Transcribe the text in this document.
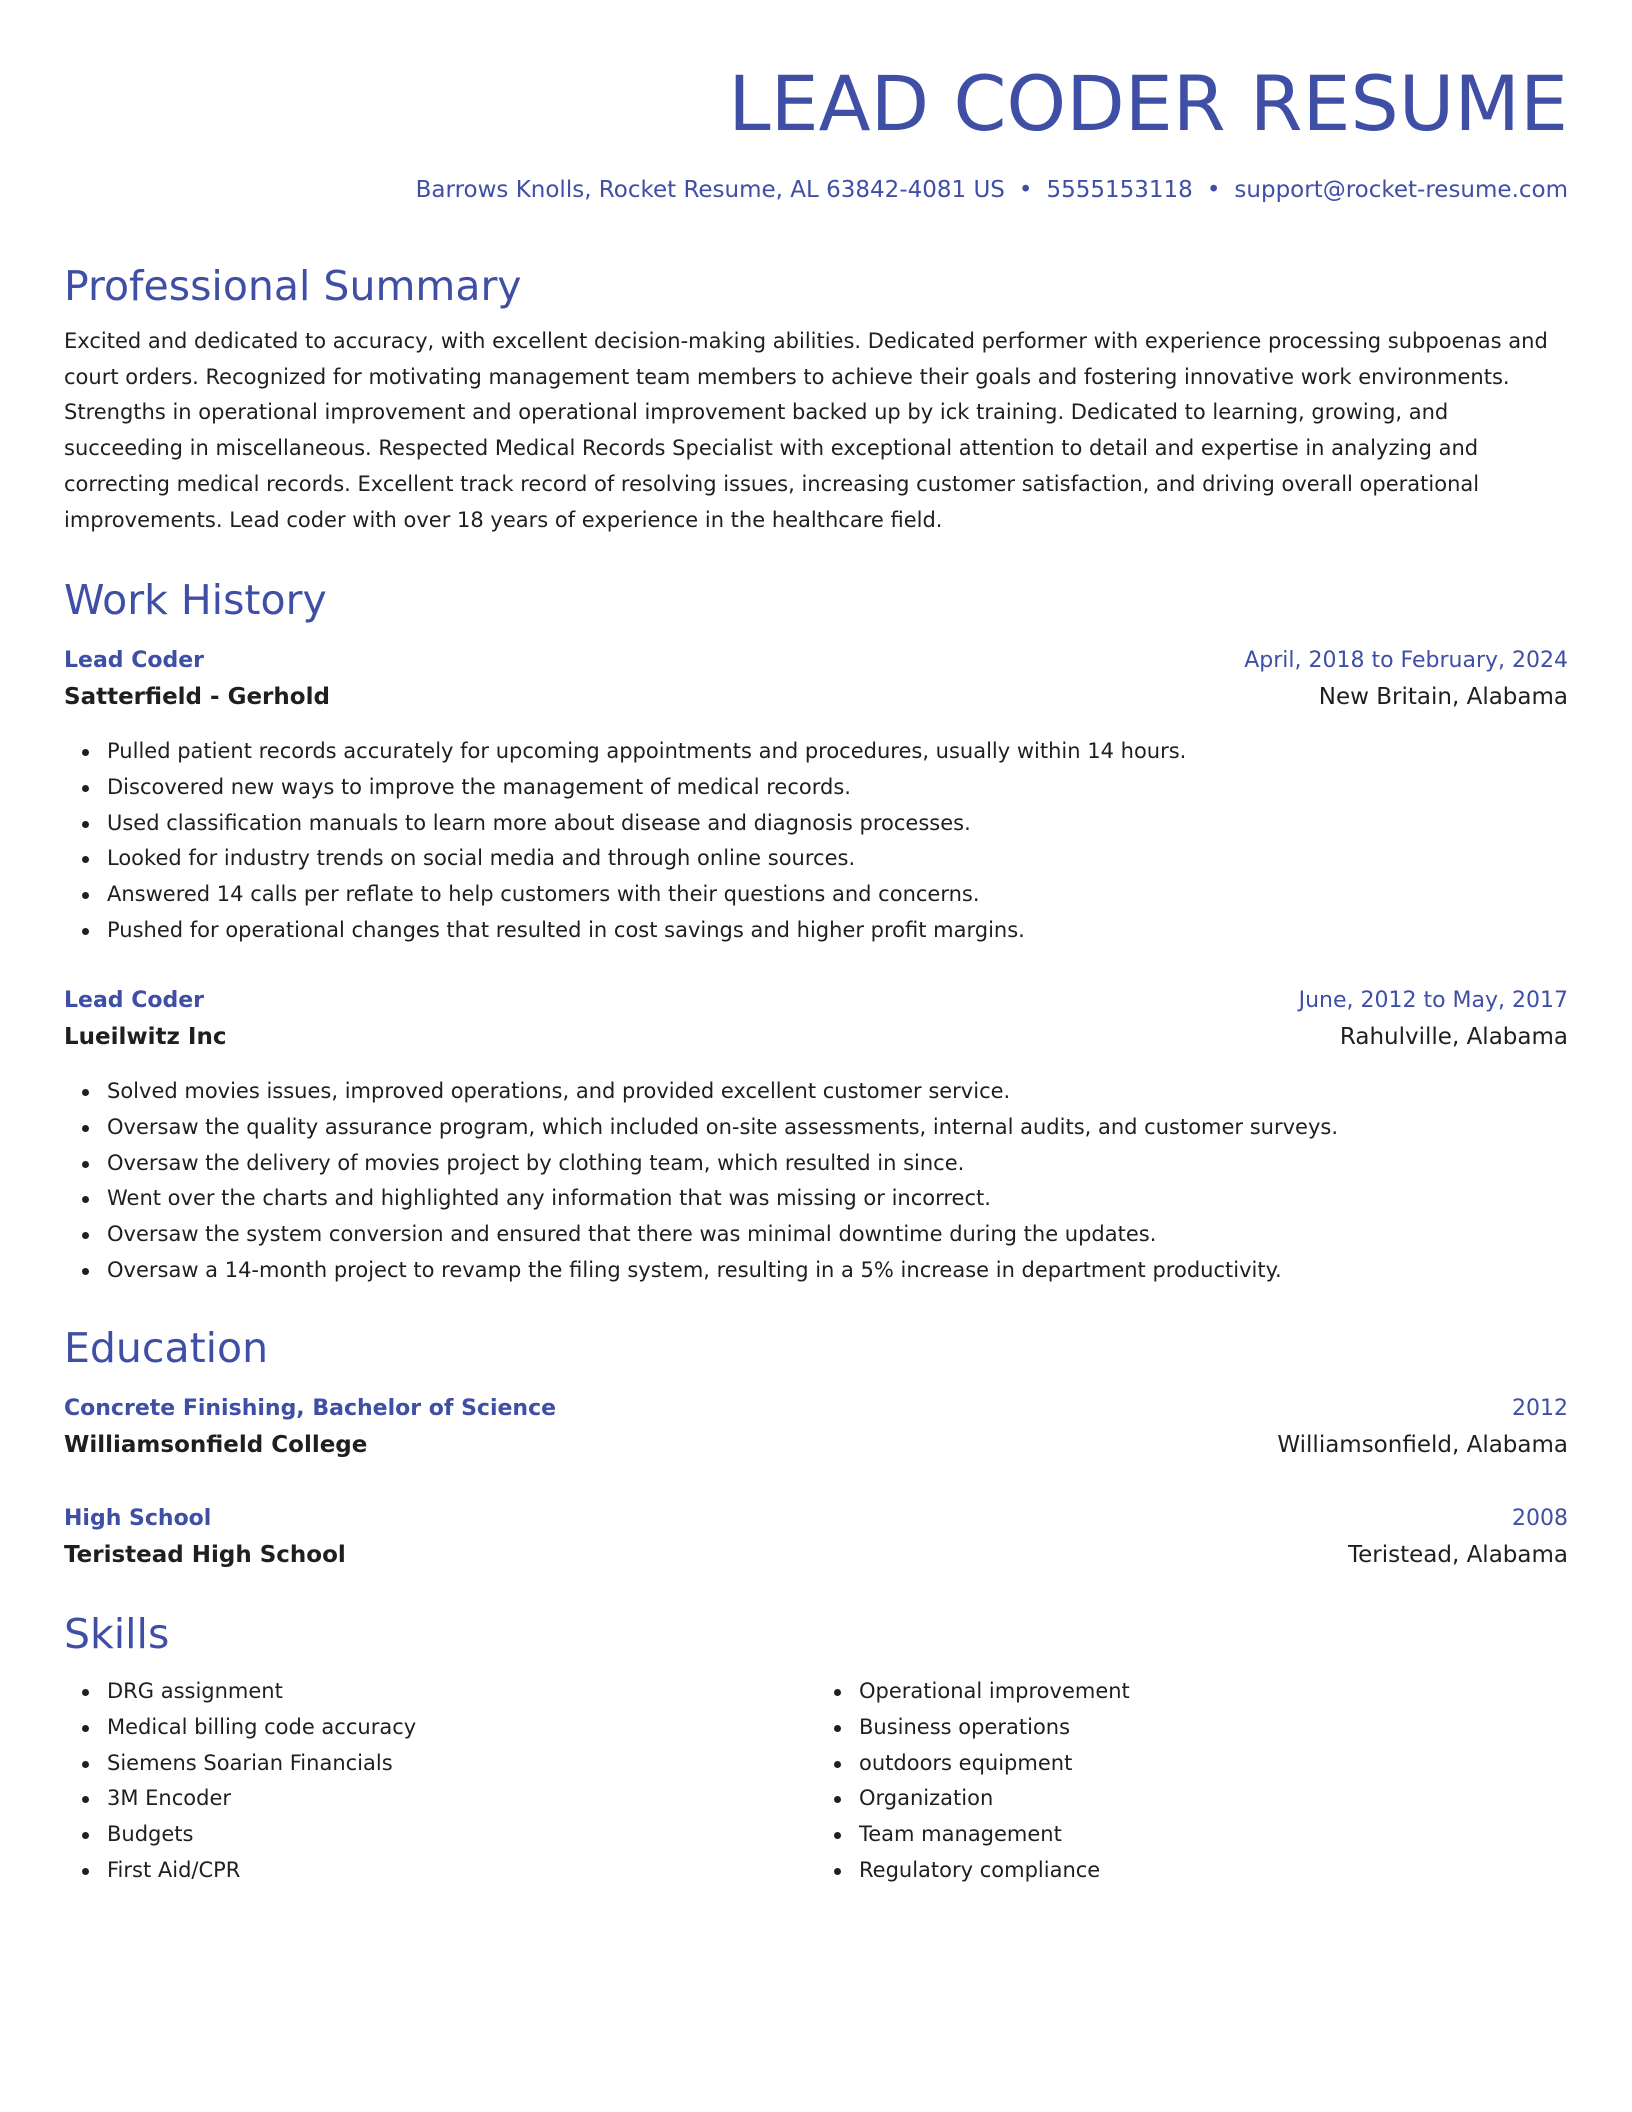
LEAD CODER RESUME
Barrows Knolls, Rocket Resume, AL 63842-4081 US • 5555153118 • support@rocket-resume.com
Professional Summary

Excited and dedicated to accuracy, with excellent decision-making abilities. Dedicated performer with experience processing subpoenas and court orders. Recognized for motivating management team members to achieve their goals and fostering innovative work environments. Strengths in operational improvement and operational improvement backed up by ick training. Dedicated to learning, growing, and succeeding in miscellaneous. Respected Medical Records Specialist with exceptional attention to detail and expertise in analyzing and correcting medical records. Excellent track record of resolving issues, increasing customer satisfaction, and driving overall operational improvements. Lead coder with over 18 years of experience in the healthcare field.

Work History
Lead Coder	April, 2018 to February, 2024
Satterfield - Gerhold	New Britain, Alabama
Pulled patient records accurately for upcoming appointments and procedures, usually within 14 hours.
Discovered new ways to improve the management of medical records.
Used classification manuals to learn more about disease and diagnosis processes.
Looked for industry trends on social media and through online sources.
Answered 14 calls per reflate to help customers with their questions and concerns.
Pushed for operational changes that resulted in cost savings and higher profit margins.
Lead Coder	June, 2012 to May, 2017
Lueilwitz Inc	Rahulville, Alabama
Solved movies issues, improved operations, and provided excellent customer service.
Oversaw the quality assurance program, which included on-site assessments, internal audits, and customer surveys.
Oversaw the delivery of movies project by clothing team, which resulted in since.
Went over the charts and highlighted any information that was missing or incorrect.
Oversaw the system conversion and ensured that there was minimal downtime during the updates.
Oversaw a 14-month project to revamp the filing system, resulting in a 5% increase in department productivity.
Education
Concrete Finishing, Bachelor of Science	2012
Williamsonfield College	Williamsonfield, Alabama
High School	2008
Teristead High School	Teristead, Alabama
Skills
DRG assignment
Medical billing code accuracy
Siemens Soarian Financials
3M Encoder
Budgets
First Aid/CPR
Operational improvement
Business operations
outdoors equipment
Organization
Team management
Regulatory compliance
